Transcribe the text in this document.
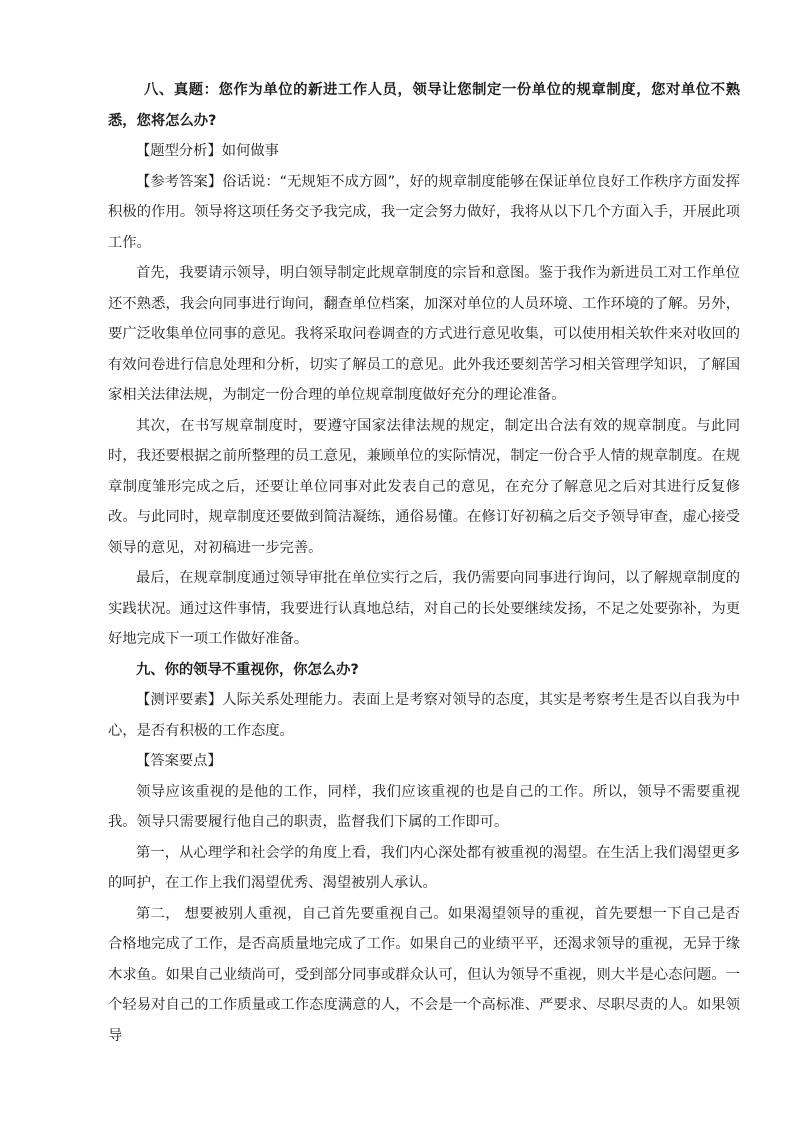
八、真题：您作为单位的新进工作人员，领导让您制定一份单位的规章制度，您对单位不熟悉，您将怎么办?

【题型分析】如何做事

【参考答案】俗话说：“无规矩不成方圆”，好的规章制度能够在保证单位良好工作秩序方面发挥积极的作用。领导将这项任务交予我完成，我一定会努力做好，我将从以下几个方面入手，开展此项工作。

首先，我要请示领导，明白领导制定此规章制度的宗旨和意图。鉴于我作为新进员工对工作单位还不熟悉，我会向同事进行询问，翻查单位档案，加深对单位的人员环境、工作环境的了解。另外，要广泛收集单位同事的意见。我将采取问卷调查的方式进行意见收集，可以使用相关软件来对收回的有效问卷进行信息处理和分析，切实了解员工的意见。此外我还要刻苦学习相关管理学知识，了解国家相关法律法规，为制定一份合理的单位规章制度做好充分的理论准备。

其次，在书写规章制度时，要遵守国家法律法规的规定，制定出合法有效的规章制度。与此同时，我还要根据之前所整理的员工意见，兼顾单位的实际情况，制定一份合乎人情的规章制度。在规章制度雏形完成之后，还要让单位同事对此发表自己的意见，在充分了解意见之后对其进行反复修改。与此同时，规章制度还要做到简洁凝练，通俗易懂。在修订好初稿之后交予领导审查，虚心接受领导的意见，对初稿进一步完善。

最后，在规章制度通过领导审批在单位实行之后，我仍需要向同事进行询问，以了解规章制度的实践状况。通过这件事情，我要进行认真地总结，对自己的长处要继续发扬，不足之处要弥补，为更好地完成下一项工作做好准备。

九、你的领导不重视你，你怎么办?

【测评要素】人际关系处理能力。表面上是考察对领导的态度，其实是考察考生是否以自我为中心，是否有积极的工作态度。

【答案要点】

领导应该重视的是他的工作，同样，我们应该重视的也是自己的工作。所以，领导不需要重视我。领导只需要履行他自己的职责，监督我们下属的工作即可。

第一，从心理学和社会学的角度上看，我们内心深处都有被重视的渴望。在生活上我们渴望更多的呵护，在工作上我们渴望优秀、渴望被别人承认。

第二， 想要被别人重视，自己首先要重视自己。如果渴望领导的重视，首先要想一下自己是否合格地完成了工作，是否高质量地完成了工作。如果自己的业绩平平，还渴求领导的重视，无异于缘木求鱼。如果自己业绩尚可，受到部分同事或群众认可，但认为领导不重视，则大半是心态问题。一个轻易对自己的工作质量或工作态度满意的人，不会是一个高标准、严要求、尽职尽责的人。如果领导
